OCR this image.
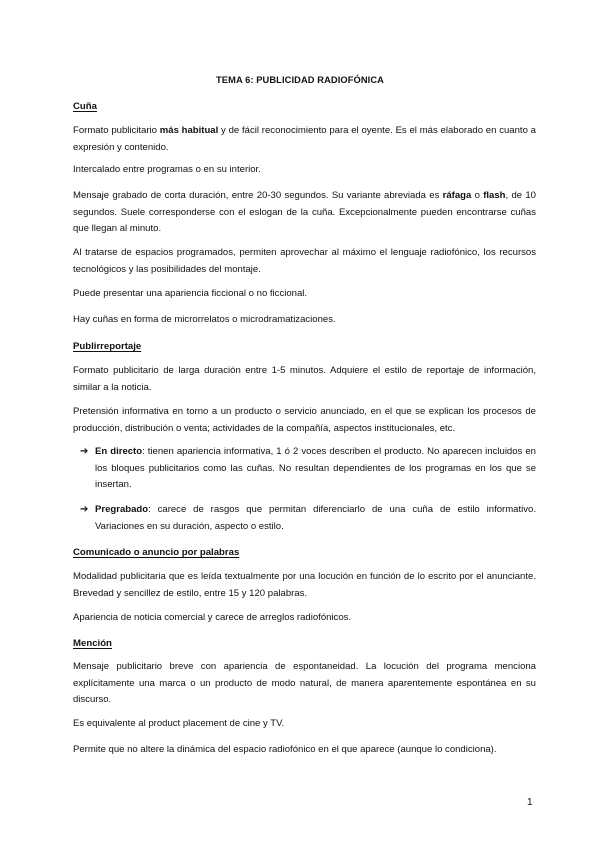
TEMA 6: PUBLICIDAD RADIOFÓNICA
Cuña

Formato publicitario más habitual y de fácil reconocimiento para el oyente. Es el más elaborado en cuanto a expresión y contenido.

Intercalado entre programas o en su interior.

Mensaje grabado de corta duración, entre 20-30 segundos. Su variante abreviada es ráfaga o flash, de 10 segundos. Suele corresponderse con el eslogan de la cuña. Excepcionalmente pueden encontrarse cuñas que llegan al minuto.

Al tratarse de espacios programados, permiten aprovechar al máximo el lenguaje radiofónico, los recursos tecnológicos y las posibilidades del montaje.

Puede presentar una apariencia ficcional o no ficcional.

Hay cuñas en forma de microrrelatos o microdramatizaciones.

Publirreportaje

Formato publicitario de larga duración entre 1-5 minutos. Adquiere el estilo de reportaje de información, similar a la noticia.

Pretensión informativa en torno a un producto o servicio anunciado, en el que se explican los procesos de producción, distribución o venta; actividades de la compañía, aspectos institucionales, etc.

➔ En directo: tienen apariencia informativa, 1 ó 2 voces describen el producto. No aparecen incluidos en los bloques publicitarios como las cuñas. No resultan dependientes de los programas en los que se insertan.

➔ Pregrabado: carece de rasgos que permitan diferenciarlo de una cuña de estilo informativo. Variaciones en su duración, aspecto o estilo.

Comunicado o anuncio por palabras

Modalidad publicitaria que es leída textualmente por una locución en función de lo escrito por el anunciante. Brevedad y sencillez de estilo, entre 15 y 120 palabras.

Apariencia de noticia comercial y carece de arreglos radiofónicos.

Mención

Mensaje publicitario breve con apariencia de espontaneidad. La locución del programa menciona explícitamente una marca o un producto de modo natural, de manera aparentemente espontánea en su discurso.

Es equivalente al product placement de cine y TV.

Permite que no altere la dinámica del espacio radiofónico en el que aparece (aunque lo condiciona).

1
